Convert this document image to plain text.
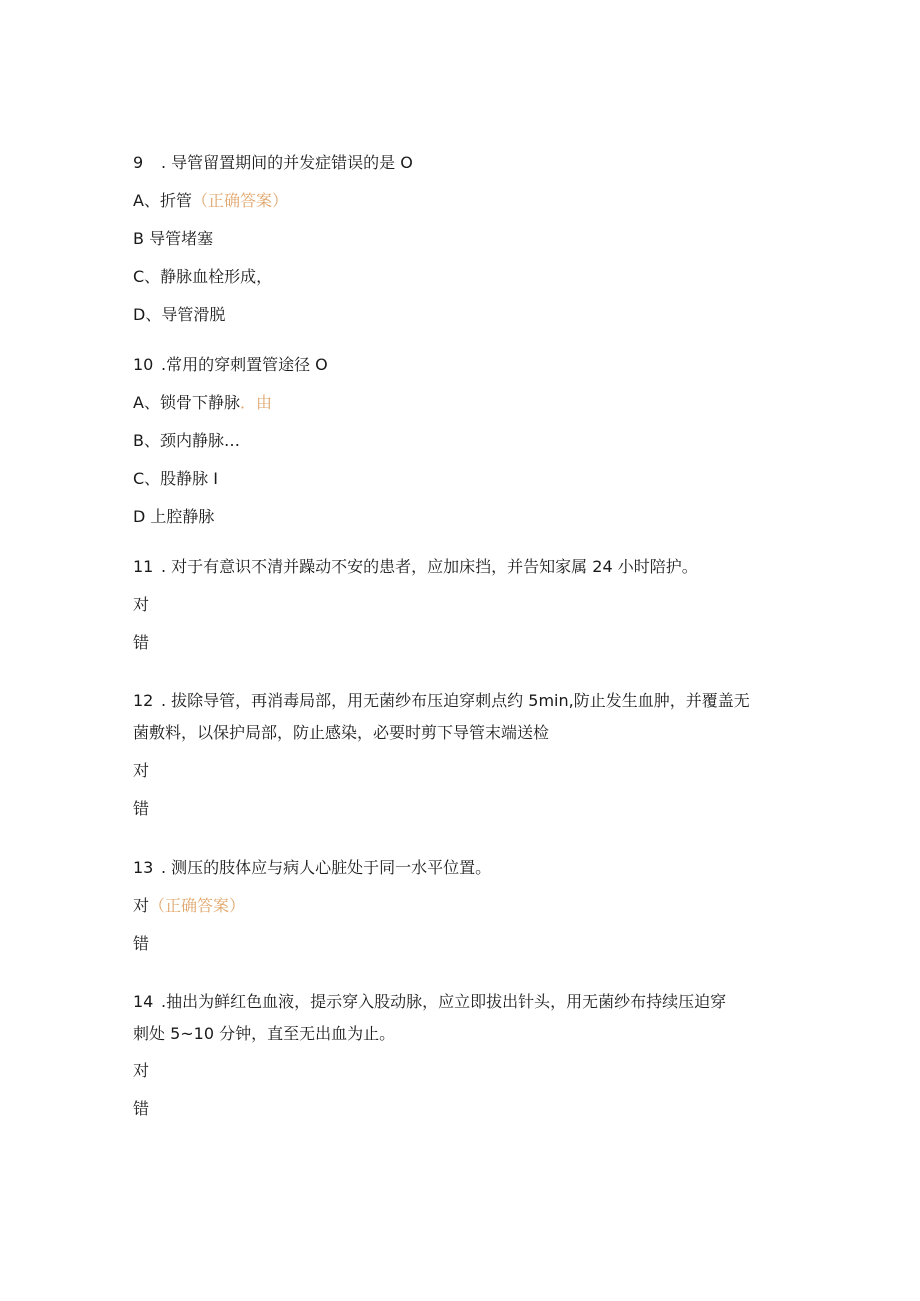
9 . 导管留置期间的并发症错误的是 O
A、折管（正确答案）
B 导管堵塞
C、静脉血栓形成，
D、导管滑脱
10 .常用的穿刺置管途径 O
A、锁骨下静脉．由
B、颈内静脉…
C、股静脉 I
D 上腔静脉
11 . 对于有意识不清并躁动不安的患者，应加床挡，并告知家属 24 小时陪护。
对
错
12 . 拔除导管，再消毒局部，用无菌纱布压迫穿刺点约 5min,防止发生血肿，并覆盖无
菌敷料，以保护局部，防止感染，必要时剪下导管末端送检
对
错
13 . 测压的肢体应与病人心脏处于同一水平位置。
对（正确答案）
错
14 .抽出为鲜红色血液，提示穿入股动脉，应立即拔出针头，用无菌纱布持续压迫穿
刺处 5~10 分钟，直至无出血为止。
对
错
